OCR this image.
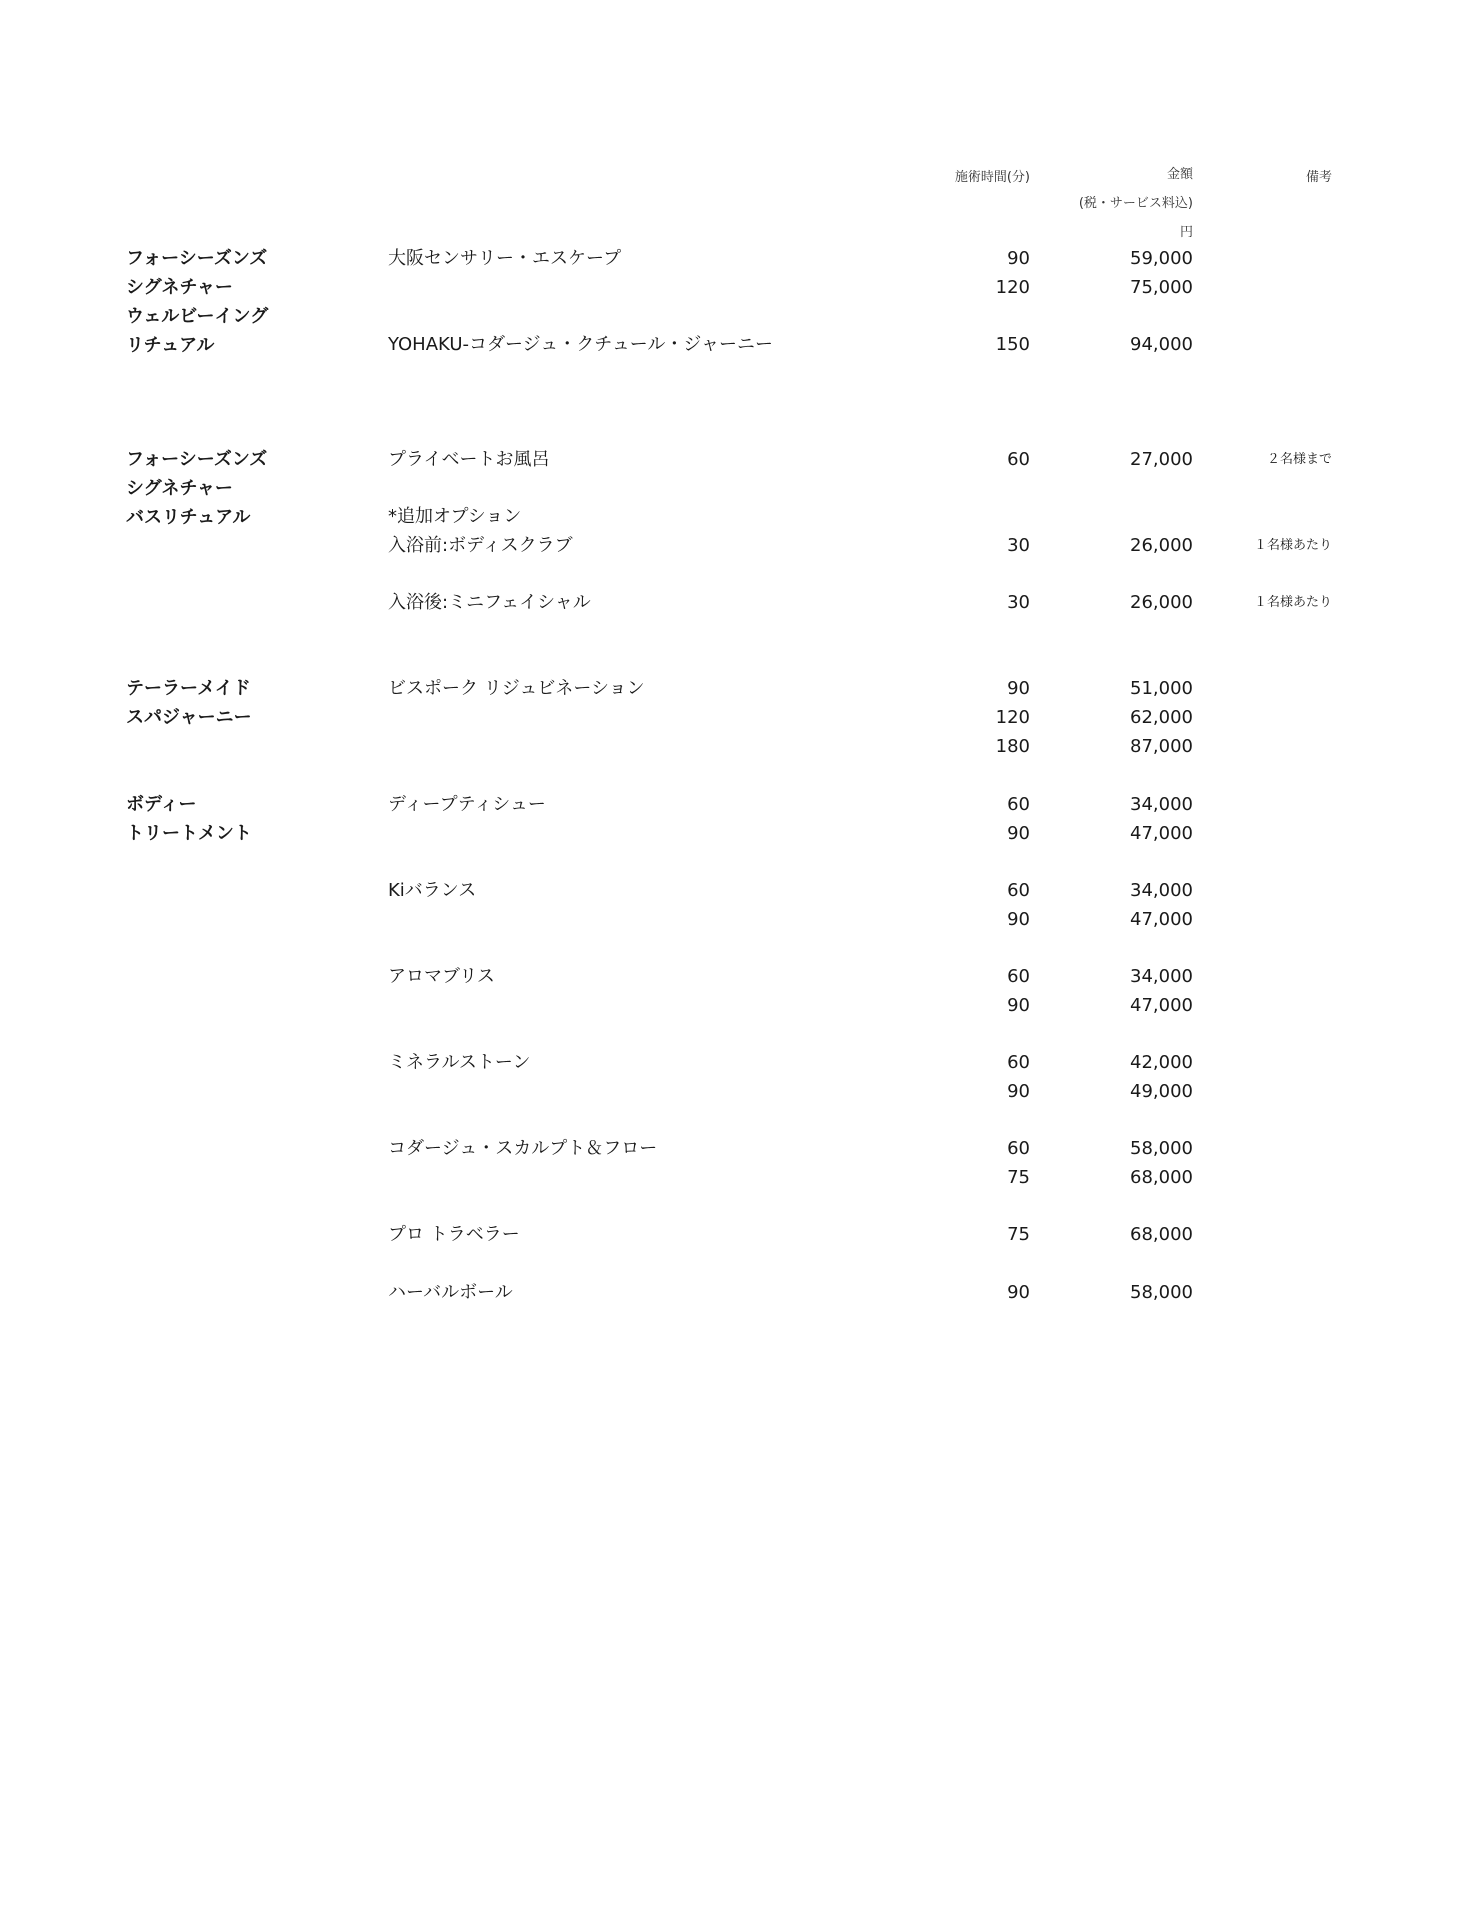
施術時間(分)	金額
(税・サービス料込)
円
備考
フォーシーズンズ
シグネチャー
ウェルビーイング
リチュアル
大阪センサリー・エスケープ	90	59,000
120	75,000
YOHAKU-コダージュ・クチュール・ジャーニー	150	94,000
フォーシーズンズ
シグネチャー
バスリチュアル
プライベートお風呂	60	27,000	２名様まで
*追加オプション
入浴前:ボディスクラブ	30	26,000	１名様あたり
入浴後:ミニフェイシャル	30	26,000	１名様あたり
テーラーメイド
スパジャーニー
ビスポーク リジュビネーション	90	51,000
120	62,000
180	87,000
ボディー
トリートメント
ディープティシュー	60	34,000
90	47,000
Kiバランス	60	34,000
90	47,000
アロマブリス	60	34,000
90	47,000
ミネラルストーン	60	42,000
90	49,000
コダージュ・スカルプト＆フロー	60	58,000
75	68,000
プロ トラベラー	75	68,000
ハーバルボール	90	58,000
